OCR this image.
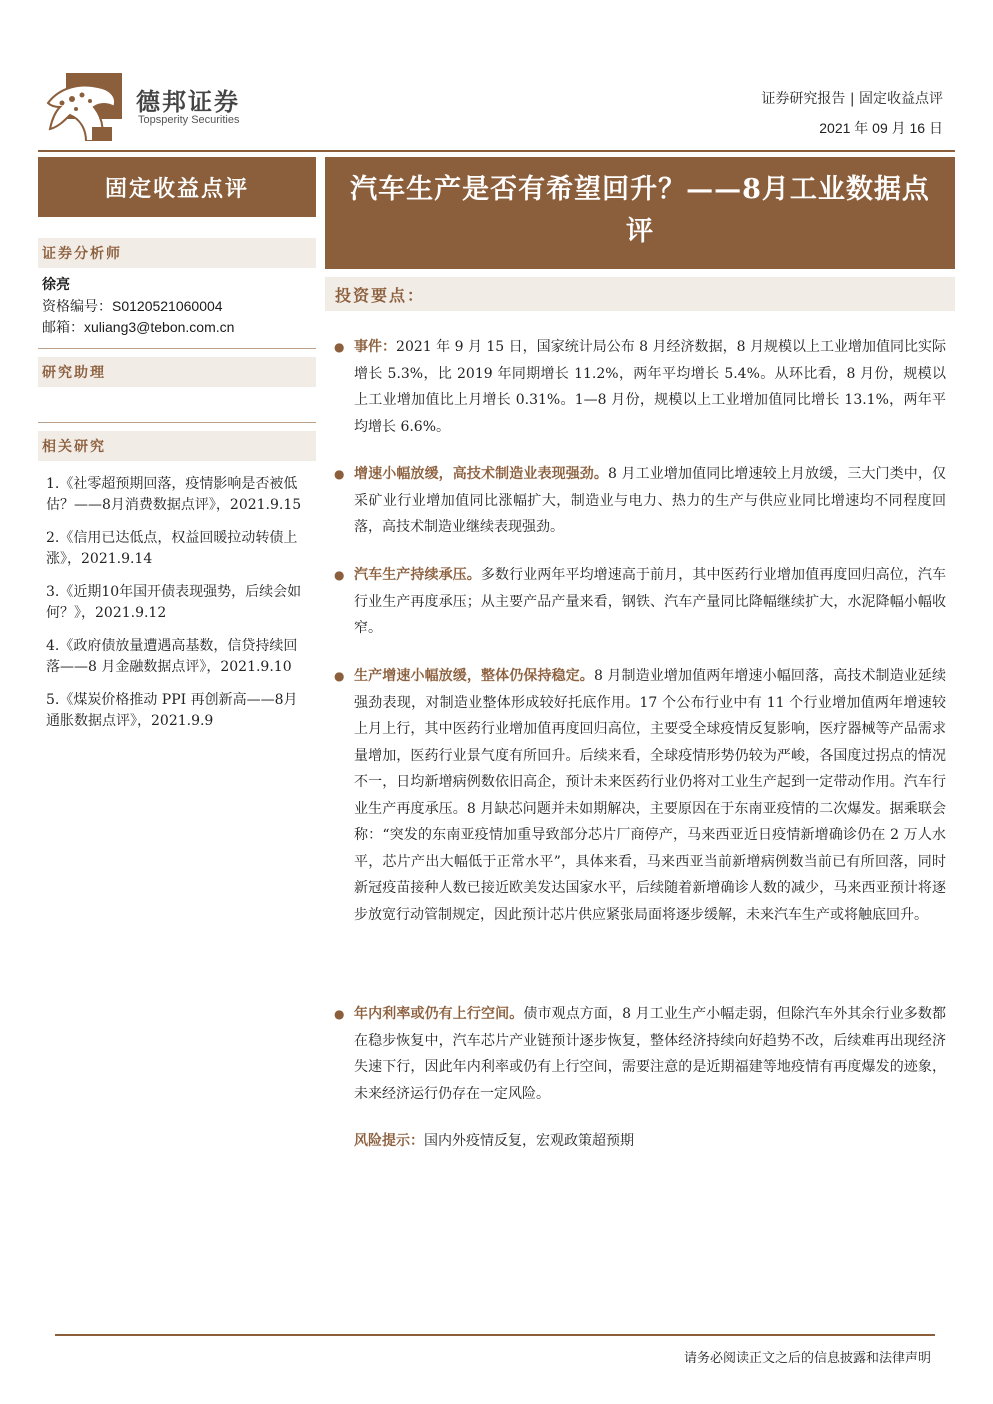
德邦证券
Topsperity Securities
证券研究报告 | 固定收益点评
2021 年 09 月 16 日
固定收益点评
证券分析师
徐亮
资格编号：S0120521060004
邮箱：xuliang3@tebon.com.cn
研究助理
相关研究
1.《社零超预期回落，疫情影响是否被低估？——8月消费数据点评》，2021.9.15
2.《信用已达低点，权益回暖拉动转债上涨》，2021.9.14
3.《近期10年国开债表现强势，后续会如何？》，2021.9.12
4.《政府债放量遭遇高基数，信贷持续回落——8 月金融数据点评》，2021.9.10
5.《煤炭价格推动 PPI 再创新高——8月通胀数据点评》，2021.9.9
汽车生产是否有希望回升？——8月工业数据点评
投资要点：
● 事件：2021 年 9 月 15 日，国家统计局公布 8 月经济数据，8 月规模以上工业增加值同比实际增长 5.3%，比 2019 年同期增长 11.2%，两年平均增长 5.4%。从环比看，8 月份，规模以上工业增加值比上月增长 0.31%。1—8 月份，规模以上工业增加值同比增长 13.1%，两年平均增长 6.6%。
● 增速小幅放缓，高技术制造业表现强劲。8 月工业增加值同比增速较上月放缓，三大门类中，仅采矿业行业增加值同比涨幅扩大，制造业与电力、热力的生产与供应业同比增速均不同程度回落，高技术制造业继续表现强劲。
● 汽车生产持续承压。多数行业两年平均增速高于前月，其中医药行业增加值再度回归高位，汽车行业生产再度承压；从主要产品产量来看，钢铁、汽车产量同比降幅继续扩大，水泥降幅小幅收窄。
● 生产增速小幅放缓，整体仍保持稳定。8 月制造业增加值两年增速小幅回落，高技术制造业延续强劲表现，对制造业整体形成较好托底作用。17 个公布行业中有 11 个行业增加值两年增速较上月上行，其中医药行业增加值再度回归高位，主要受全球疫情反复影响，医疗器械等产品需求量增加，医药行业景气度有所回升。后续来看，全球疫情形势仍较为严峻，各国度过拐点的情况不一，日均新增病例数依旧高企，预计未来医药行业仍将对工业生产起到一定带动作用。汽车行业生产再度承压。8 月缺芯问题并未如期解决，主要原因在于东南亚疫情的二次爆发。据乘联会称：“突发的东南亚疫情加重导致部分芯片厂商停产，马来西亚近日疫情新增确诊仍在 2 万人水平，芯片产出大幅低于正常水平”，具体来看，马来西亚当前新增病例数当前已有所回落，同时新冠疫苗接种人数已接近欧美发达国家水平，后续随着新增确诊人数的减少，马来西亚预计将逐步放宽行动管制规定，因此预计芯片供应紧张局面将逐步缓解，未来汽车生产或将触底回升。
● 年内利率或仍有上行空间。债市观点方面，8 月工业生产小幅走弱，但除汽车外其余行业多数都在稳步恢复中，汽车芯片产业链预计逐步恢复，整体经济持续向好趋势不改，后续难再出现经济失速下行，因此年内利率或仍有上行空间，需要注意的是近期福建等地疫情有再度爆发的迹象，未来经济运行仍存在一定风险。
风险提示：国内外疫情反复，宏观政策超预期
请务必阅读正文之后的信息披露和法律声明
